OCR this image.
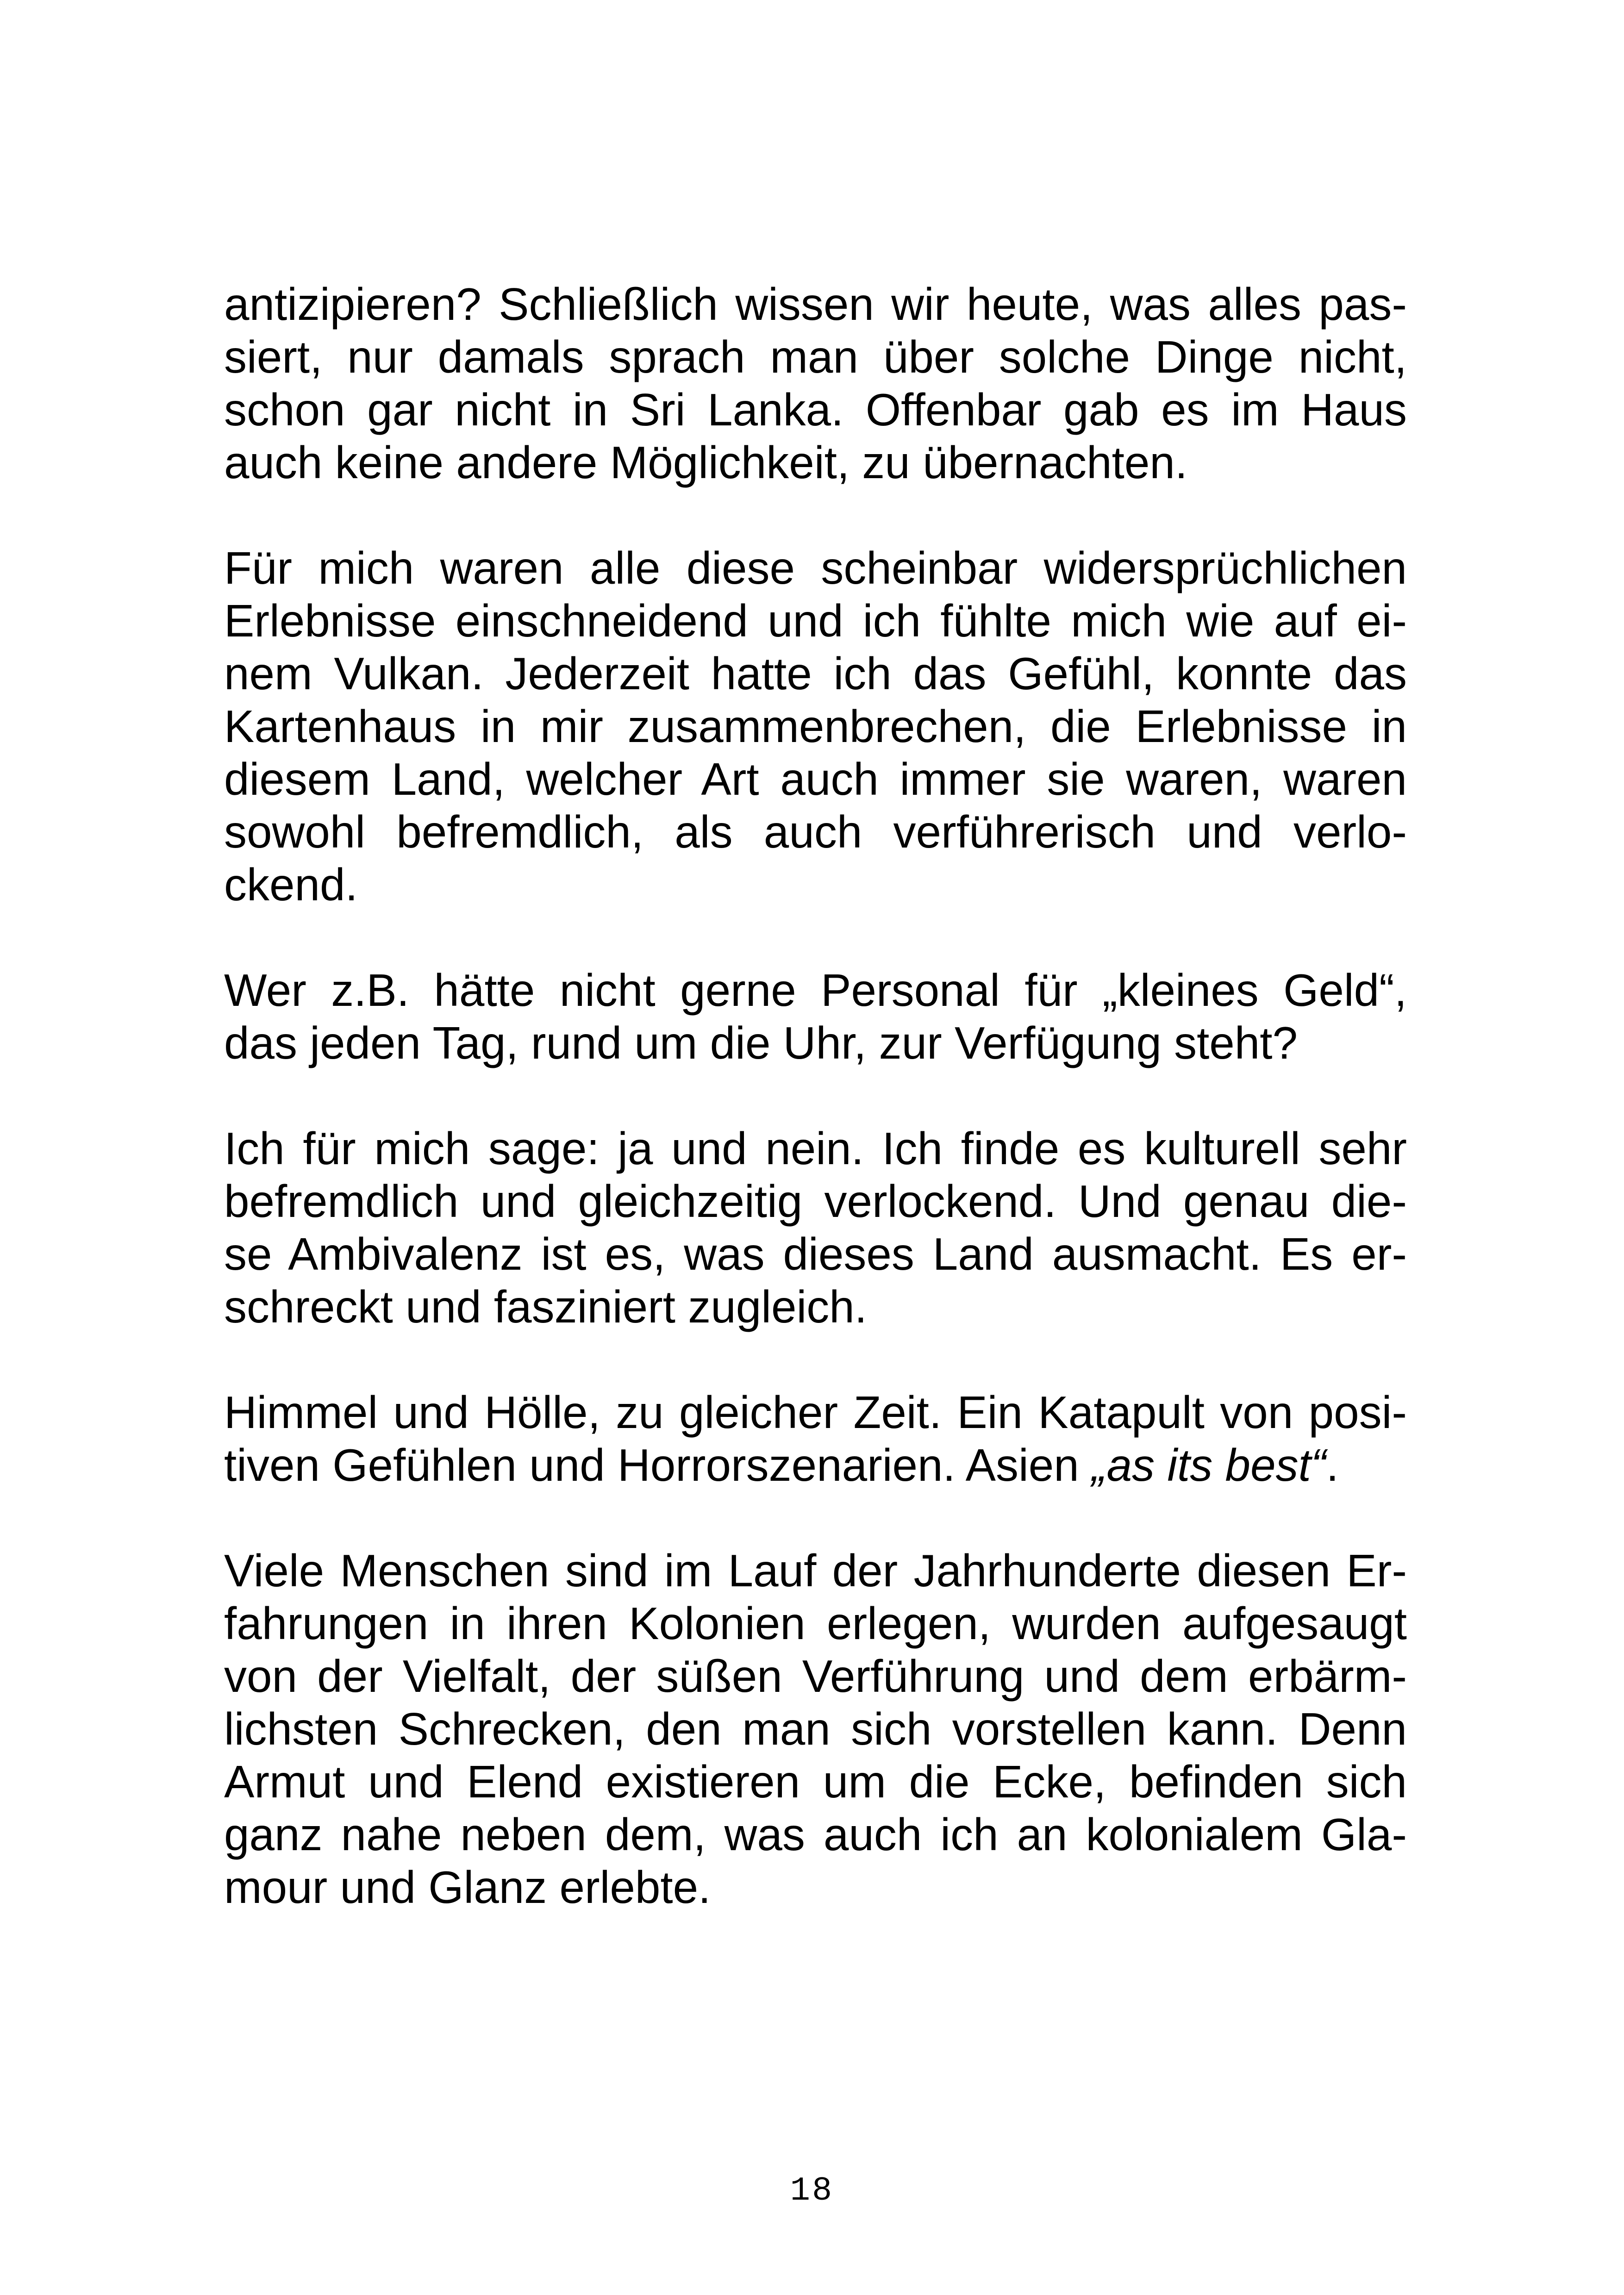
antizipieren? Schließlich wissen wir heute, was alles pas-
siert, nur damals sprach man über solche Dinge nicht,
schon gar nicht in Sri Lanka. Offenbar gab es im Haus
auch keine andere Möglichkeit, zu übernachten.

Für mich waren alle diese scheinbar widersprüchlichen
Erlebnisse einschneidend und ich fühlte mich wie auf ei-
nem Vulkan. Jederzeit hatte ich das Gefühl, konnte das
Kartenhaus in mir zusammenbrechen, die Erlebnisse in
diesem Land, welcher Art auch immer sie waren, waren
sowohl befremdlich, als auch verführerisch und verlo-
ckend.

Wer z.B. hätte nicht gerne Personal für „kleines Geld“,
das jeden Tag, rund um die Uhr, zur Verfügung steht?

Ich für mich sage: ja und nein. Ich finde es kulturell sehr
befremdlich und gleichzeitig verlockend. Und genau die-
se Ambivalenz ist es, was dieses Land ausmacht. Es er-
schreckt und fasziniert zugleich.

Himmel und Hölle, zu gleicher Zeit. Ein Katapult von posi-
tiven Gefühlen und Horrorszenarien. Asien „as its best“.

Viele Menschen sind im Lauf der Jahrhunderte diesen Er-
fahrungen in ihren Kolonien erlegen, wurden aufgesaugt
von der Vielfalt, der süßen Verführung und dem erbärm-
lichsten Schrecken, den man sich vorstellen kann. Denn
Armut und Elend existieren um die Ecke, befinden sich
ganz nahe neben dem, was auch ich an kolonialem Gla-
mour und Glanz erlebte.

18
